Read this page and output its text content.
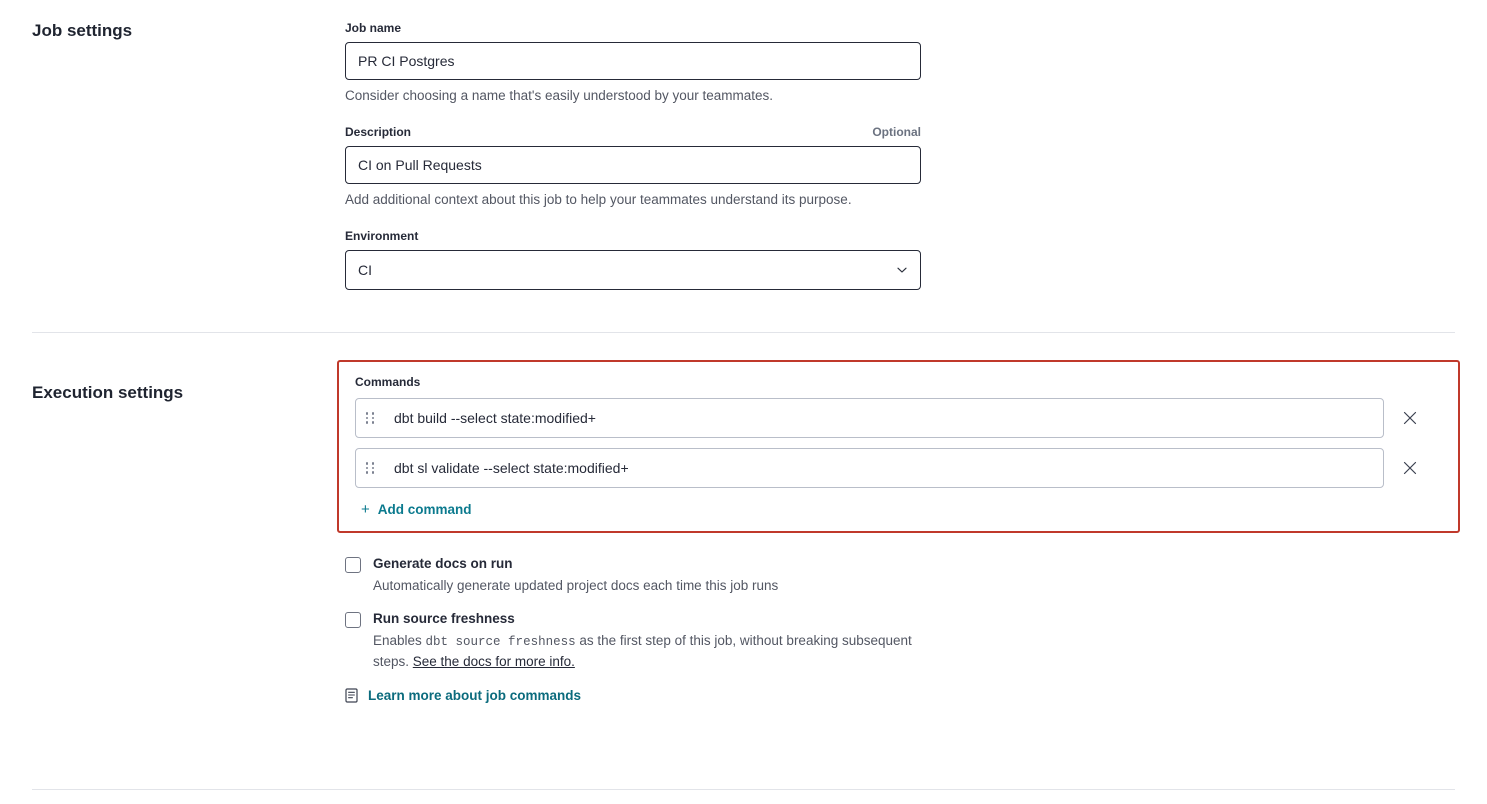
Job settings	Job name
PR CI Postgres
Consider choosing a name that's easily understood by your teammates.
Description	Optional
CI on Pull Requests
Add additional context about this job to help your teammates understand its purpose.
Environment
CI
Execution settings
Commands
dbt build --select state:modified+
dbt sl validate --select state:modified+
+ Add command
Generate docs on run
Automatically generate updated project docs each time this job runs
Run source freshness
Enables dbt source freshness as the first step of this job, without breaking subsequent steps. See the docs for more info.
Learn more about job commands
